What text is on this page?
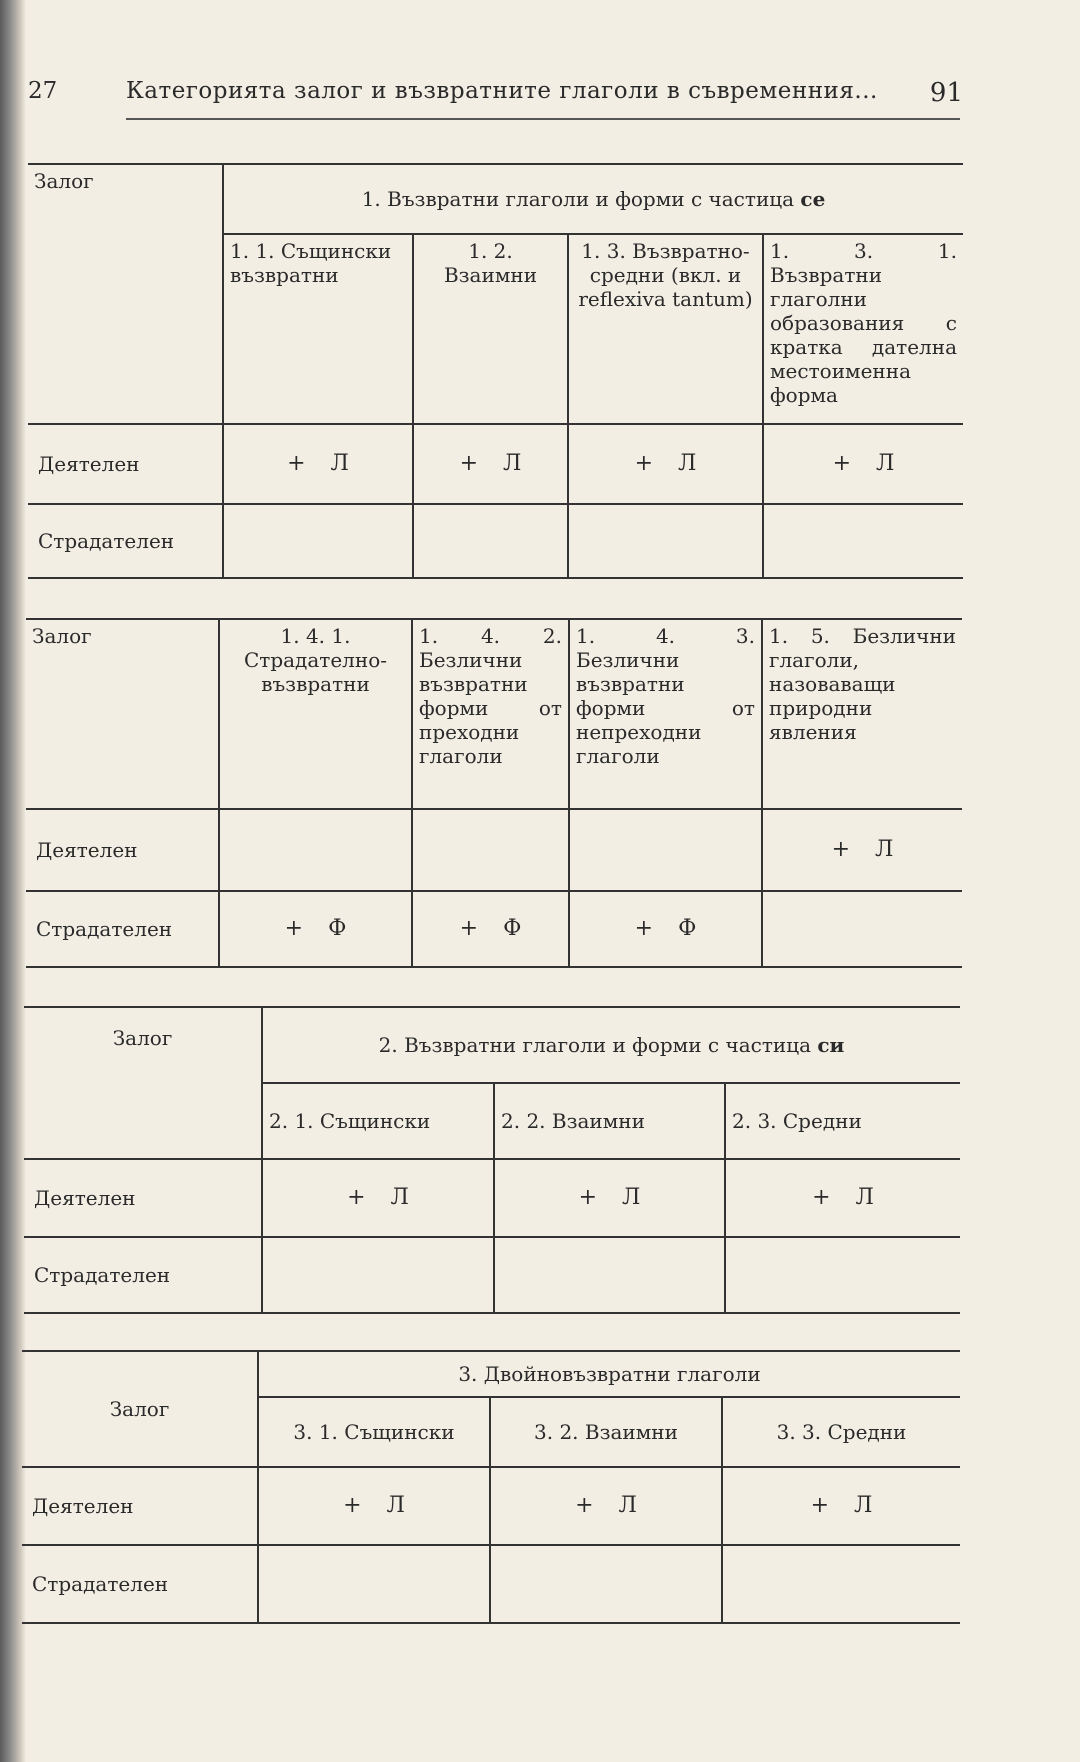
27	Категорията залог и възвратните глаголи в съвременния... 91
Залог	1. Възвратни глаголи и форми с частица се			
	1. 1. Същински възвратни	1. 2. Взаимни	1. 3. Възвратно-средни (вкл. и reflexiva tantum)	1. 3. 1. Възвратни глаголни образования с кратка дателна местоименна форма
Деятелен	+ Л	+ Л	+ Л	+ Л
Страдателен				
Залог	1. 4. 1. Страдателно-възвратни	1. 4. 2. Безлични възвратни форми от преходни глаголи	1. 4. 3. Безлични възвратни форми от непреходни глаголи	1. 5. Безлични глаголи, назоваващи природни явления
Деятелен				+ Л
Страдателен	+ Ф	+ Ф	+ Ф	
Залог	2. Възвратни глаголи и форми с частица си		
	2. 1. Същински	2. 2. Взаимни	2. 3. Средни
Деятелен	+ Л	+ Л	+ Л
Страдателен			
Залог	3. Двойновъзвратни глаголи		
	3. 1. Същински	3. 2. Взаимни	3. 3. Средни
Деятелен	+ Л	+ Л	+ Л
Страдателен			
